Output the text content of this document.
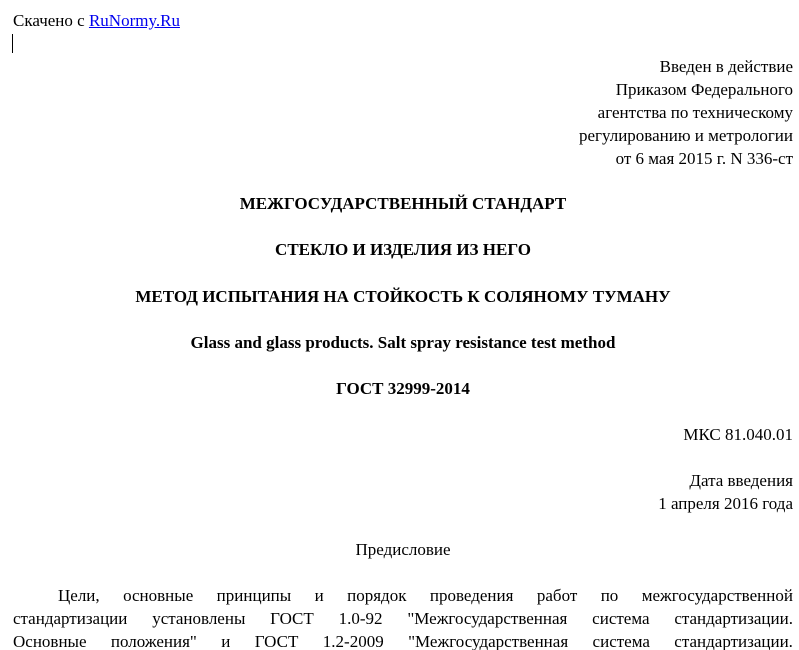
Скачено с RuNormy.Ru
Введен в действие
Приказом Федерального
агентства по техническому
регулированию и метрологии
от 6 мая 2015 г. N 336-ст
МЕЖГОСУДАРСТВЕННЫЙ СТАНДАРТ
СТЕКЛО И ИЗДЕЛИЯ ИЗ НЕГО
МЕТОД ИСПЫТАНИЯ НА СТОЙКОСТЬ К СОЛЯНОМУ ТУМАНУ
Glass and glass products. Salt spray resistance test method
ГОСТ 32999-2014
МКС 81.040.01
Дата введения
1 апреля 2016 года
Предисловие
Цели, основные принципы и порядок проведения работ по межгосударственной
стандартизации установлены ГОСТ 1.0-92 "Межгосударственная система стандартизации.
Основные положения" и ГОСТ 1.2-2009 "Межгосударственная система стандартизации.
